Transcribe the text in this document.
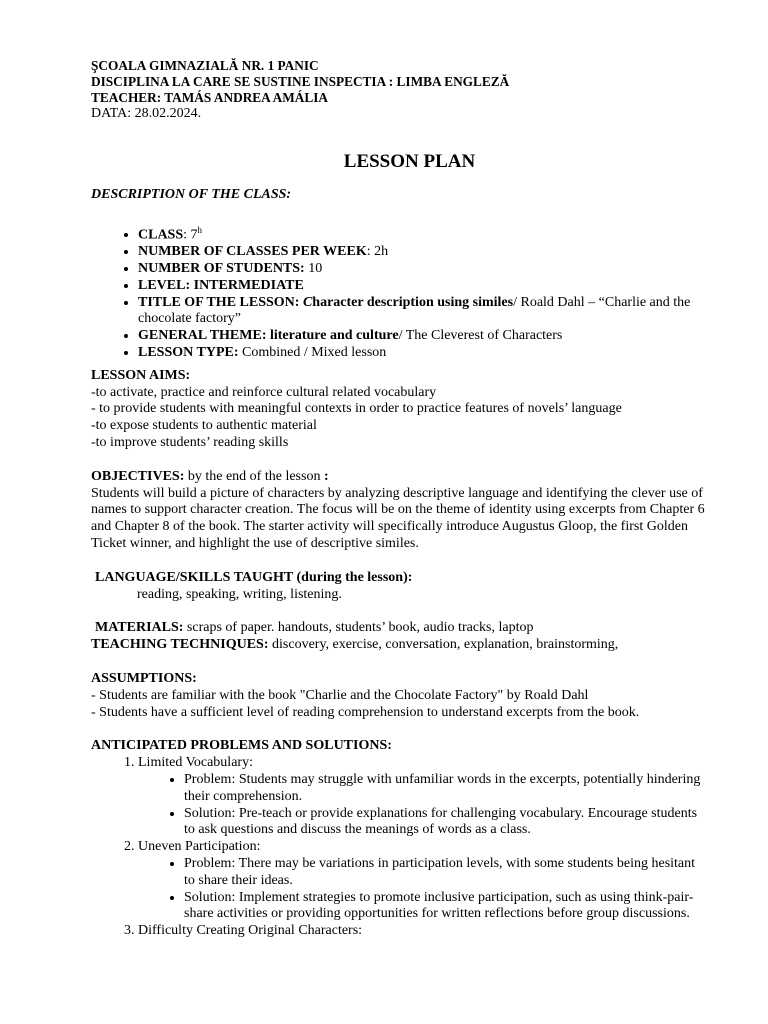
ŞCOALA GIMNAZIALĂ NR. 1 PANIC
DISCIPLINA LA CARE SE SUSTINE INSPECTIA : LIMBA ENGLEZĂ
TEACHER: TAMÁS ANDREA AMÁLIA
DATA: 28.02.2024.
LESSON PLAN
DESCRIPTION OF THE CLASS:
• CLASS: 7$^h$
• NUMBER OF CLASSES PER WEEK: 2h
• NUMBER OF STUDENTS: 10
• LEVEL: INTERMEDIATE
• TITLE OF THE LESSON: Character description using similes/ Roald Dahl – “Charlie and the chocolate factory”
• GENERAL THEME: literature and culture/ The Cleverest of Characters
• LESSON TYPE: Combined / Mixed lesson

LESSON AIMS:

-to activate, practice and reinforce cultural related vocabulary

- to provide students with meaningful contexts in order to practice features of novels’ language

-to expose students to authentic material

-to improve students’ reading skills

OBJECTIVES: by the end of the lesson :

Students will build a picture of characters by analyzing descriptive language and identifying the clever use of names to support character creation. The focus will be on the theme of identity using excerpts from Chapter 6 and Chapter 8 of the book. The starter activity will specifically introduce Augustus Gloop, the first Golden Ticket winner, and highlight the use of descriptive similes.

LANGUAGE/SKILLS TAUGHT (during the lesson):

reading, speaking, writing, listening.

MATERIALS: scraps of paper. handouts, students’ book, audio tracks, laptop

TEACHING TECHNIQUES: discovery, exercise, conversation, explanation, brainstorming,

ASSUMPTIONS:

- Students are familiar with the book "Charlie and the Chocolate Factory" by Roald Dahl

- Students have a sufficient level of reading comprehension to understand excerpts from the book.

ANTICIPATED PROBLEMS AND SOLUTIONS:

1. Limited Vocabulary:
• Problem: Students may struggle with unfamiliar words in the excerpts, potentially hindering their comprehension.
• Solution: Pre-teach or provide explanations for challenging vocabulary. Encourage students to ask questions and discuss the meanings of words as a class.
2. Uneven Participation:
• Problem: There may be variations in participation levels, with some students being hesitant to share their ideas.
• Solution: Implement strategies to promote inclusive participation, such as using think-pair-share activities or providing opportunities for written reflections before group discussions.
3. Difficulty Creating Original Characters:
